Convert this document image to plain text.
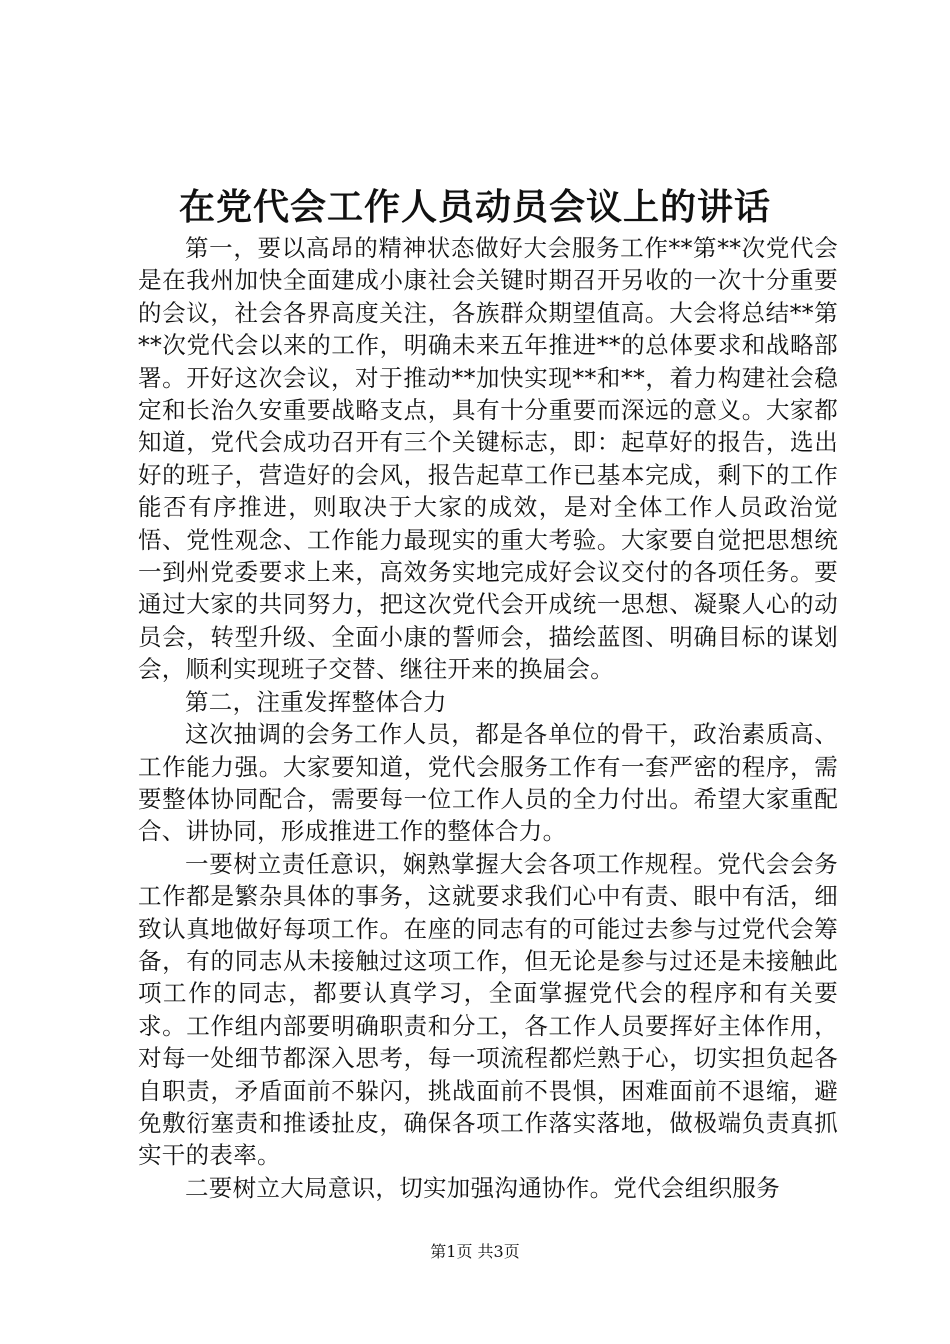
在党代会工作人员动员会议上的讲话

第一，要以高昂的精神状态做好大会服务工作**第**次党代会是在我州加快全面建成小康社会关键时期召开另收的一次十分重要的会议，社会各界高度关注，各族群众期望值高。大会将总结**第**次党代会以来的工作，明确未来五年推进**的总体要求和战略部署。开好这次会议，对于推动**加快实现**和**，着力构建社会稳定和长治久安重要战略支点，具有十分重要而深远的意义。大家都知道，党代会成功召开有三个关键标志，即：起草好的报告，选出好的班子，营造好的会风，报告起草工作已基本完成，剩下的工作能否有序推进，则取决于大家的成效，是对全体工作人员政治觉悟、党性观念、工作能力最现实的重大考验。大家要自觉把思想统一到州党委要求上来，高效务实地完成好会议交付的各项任务。要通过大家的共同努力，把这次党代会开成统一思想、凝聚人心的动员会，转型升级、全面小康的誓师会，描绘蓝图、明确目标的谋划会，顺利实现班子交替、继往开来的换届会。

第二，注重发挥整体合力

这次抽调的会务工作人员，都是各单位的骨干，政治素质高、工作能力强。大家要知道，党代会服务工作有一套严密的程序，需要整体协同配合，需要每一位工作人员的全力付出。希望大家重配合、讲协同，形成推进工作的整体合力。

一要树立责任意识，娴熟掌握大会各项工作规程。党代会会务工作都是繁杂具体的事务，这就要求我们心中有责、眼中有活，细致认真地做好每项工作。在座的同志有的可能过去参与过党代会筹备，有的同志从未接触过这项工作，但无论是参与过还是未接触此项工作的同志，都要认真学习，全面掌握党代会的程序和有关要求。工作组内部要明确职责和分工，各工作人员要挥好主体作用，对每一处细节都深入思考，每一项流程都烂熟于心，切实担负起各自职责，矛盾面前不躲闪，挑战面前不畏惧，困难面前不退缩，避免敷衍塞责和推诿扯皮，确保各项工作落实落地，做极端负责真抓实干的表率。

二要树立大局意识，切实加强沟通协作。党代会组织服务

第1页 共3页
